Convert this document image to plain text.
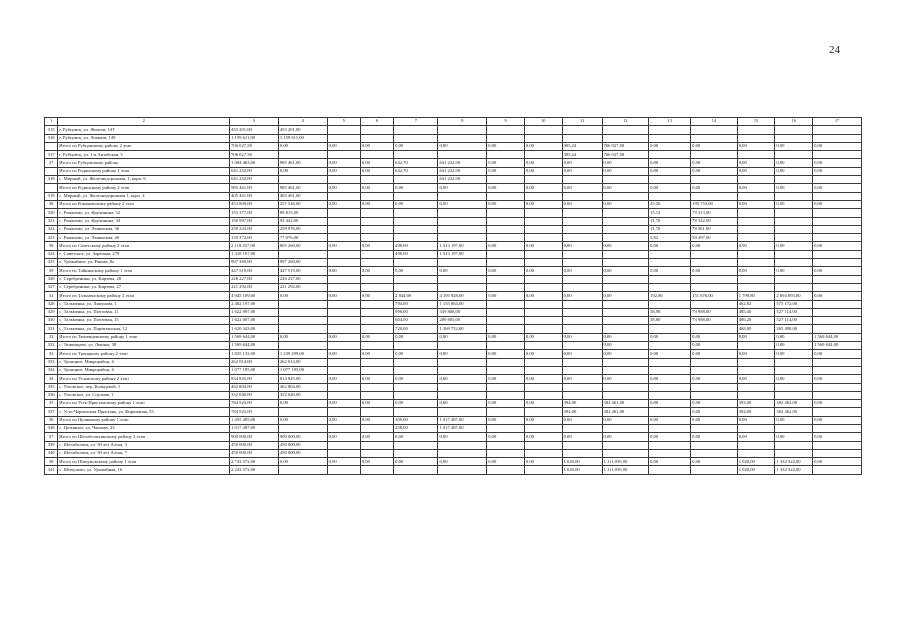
24
1	2	3	4	5	6	7	8	9	10	11	12	13	14	15	16	17
315	г. Рубцовск, ул. Жонтов, 14Т	453 201,00	453 201,00													
316	г. Рубцовск, ул. Локшин, 149	1 159 611,00	1 159 611,00													
	Итого по Рубцовскому району 2 этап	706 027,58	0,00	0,00	0,00	0,00	0,00	0,00	0,00	305,24	706 027,58	0,00	0,00	0,00	0,00	0,00
317	г. Рубцовск, ул. 1-я Антейская, 3	706 027,58								305,24	706 027,58					
37	Итого по Рубцовскому району	1 084 463,00	985 461,00	0,00	0,00	642,70	641 232,00	0,00	0,00	0,00	0,00	0,00	0,00	0,00	0,00	0,00
	Итого по Родинскому району 1 этап	641 232,00	0,00	0,00	0,00	642,70	641 232,00	0,00	0,00	0,00	0,00	0,00	0,00	0,00	0,00	0,00
318	с. Мирный, ул. Железнодорожная, 1, корп. 6	641 232,00					641 232,00									
	Итого по Родинскому району 2 этап	985 461,00	985 461,00	0,00	0,00	0,00	0,00	0,00	0,00	0,00	0,00	0,00	0,00	0,00	0,00	0,00
319	с. Мирный, ул. Железнодорожная 1, корп. 4	405 461,00	405 461,00													
38	Итого по Романовскому району 2 этап	453 809,00	257 546,00	0,00	0,00	0,00	0,00	0,00	0,00	0,00	0,00	45,36	195 753,00	0,00	0,00	0,00
320	с. Романово, ул. Кручинина, 32	153 377,00	89 815,00									15,12	79 313,00			
321	с. Романово, ул. Кручинина, 34	156 997,00	93 442,00									11,70	78 342,00			
322	с. Романово, ул. Ленинская, 36	259 243,00	259 976,00									11,70	78 361,00			
323	с. Романово, ул. Ленинская, 40	135 372,00	77 076,00									5,82	59 497,00			
39	Итого по Советскому району 2 этап	2 118 457,00	805 260,00	0,00	0,00	498,00	1 313 197,00	0,00	0,00	0,00	0,00	0,00	0,00	0,00	0,00	0,00
324	с. Советское, ул. Заречная, 278	1 318 197,00				498,00	1 313 197,00									
325	с. Урожайное, ул. Ракова, 8а	997 260,00	997 260,00													
39	Итого по Тайнинскому району 1 этап	447 519,00	447 519,00	0,00	0,00	0,00	0,00	0,00	0,00	0,00	0,00	0,00	0,00	0,00	0,00	0,00
326	с. Серебреники, ул. Кирзева, 28	226 227,00	226 227,00													
327	с. Серебреники, ул. Кирзева, 27	221 292,00	221 292,00													
31	Итого по Тальменскому району 2 этап	4 945 109,00	0,00	0,00	0,00	2 844,00	4 195 928,00	0,00	0,00	0,00	0,00	192,86	151 676,00	1 799,80	2 694 893,00	0,00
328	с. Тальменка, ул. Ликунова, 1	2 482 197,00				794,00	1 155 864,00							462,82	575 172,00	
329	с. Тальменка, ул. Почтовая, 11	1 622 897,00				996,00	339 808,00					58,98	73 988,00	485,40	527 114,00	
330	с. Тальменка, ул. Почтовая, 15	1 622 007,00				604,00	289 805,00					38,80	73 988,00	486,20	527 114,00	
331	с. Тальменка, ул. Партизанская, 12	1 620 343,00				720,00	1 369 752,00							468,00	265 490,00	
32	Итого по Тюменцевскому району 1 этап	1 569 644,00	0,00	0,00	0,00	0,00	0,00	0,00	0,00	0,00	0,00	0,00	0,00	0,00	0,00	1 569 644,00
332	с. Тюменцево, ул. Ленина, 38	1 569 644,00									0,00		0,00		0,00	1 569 644,00
33	Итого по Троицкому району 2 этап	1 825 133,00	1 239 299,00	0,00	0,00	0,00	0,00	0,00	0,00	0,00	0,00	0,00	0,00	0,00	0,00	0,00
333	с. Троицкое, Микрорайон, 6	262 014,00	262 014,00													
334	с. Троицкое, Микрорайон, 6	1 077 185,00	1 077 185,00													
34	Итого по Угловскому району 2 этап	834 845,00	814 845,00	0,00	0,00	0,00	0,00	0,00	0,00	0,00	0,00	0,00	0,00	0,00	0,00	0,00
335	с. Угловское, пер. Кольцевой, 1	462 804,00	462 804,00													
336	с. Угловское, ул. Спутник, 1	352 040,00	352 040,00													
35	Итого по Усть-Пристанскому району 1 этап	784 923,00	0,00	0,00	0,00	0,00	0,00	0,00	0,00	394,00	382 461,00	0,00	0,00	394,00	382 462,00	0,00
337	с. Усть-Чарышская Пристань, ул. Кирпичная, 55	784 923,00								394,00	382 461,00		0,00	394,00	382 462,00	
36	Итого по Целинному району 1 этап	1 455 485,00	0,00	0,00	0,00	309,00	1 017 487,00	0,00	0,00	0,00	0,00	0,00	0,00	0,00	0,00	0,00
338	с. Целинное, ул. Чапаева, 23	1 017 487,00				258,00	1 017 487,00									
37	Итого по Шелаболихинскому району 2 этап	900 000,00	900 000,00	0,00	0,00	0,00	0,00	0,00	0,00	0,00	0,00	0,00	0,00	0,00	0,00	0,00
339	с. Шелаболиха, ул. 50 лет Алтая, 3	450 000,00	450 000,00													
340	с. Шелаболиха, ул. 50 лет Алтая, 7	450 000,00	450 000,00													
38	Итого по Шипуновскому району 1 этап	2 743 372,00	0,00	0,00	0,00	0,00	0,00	0,00	0,00	1 020,00	1 111 050,00	0,00	0,00	1 020,00	1 332 322,00	0,00
341	с. Шипуново, ул. Урожайная, 16	2 243 372,00								1 020,00	1 111 050,00			1 020,00	1 332 322,00	
